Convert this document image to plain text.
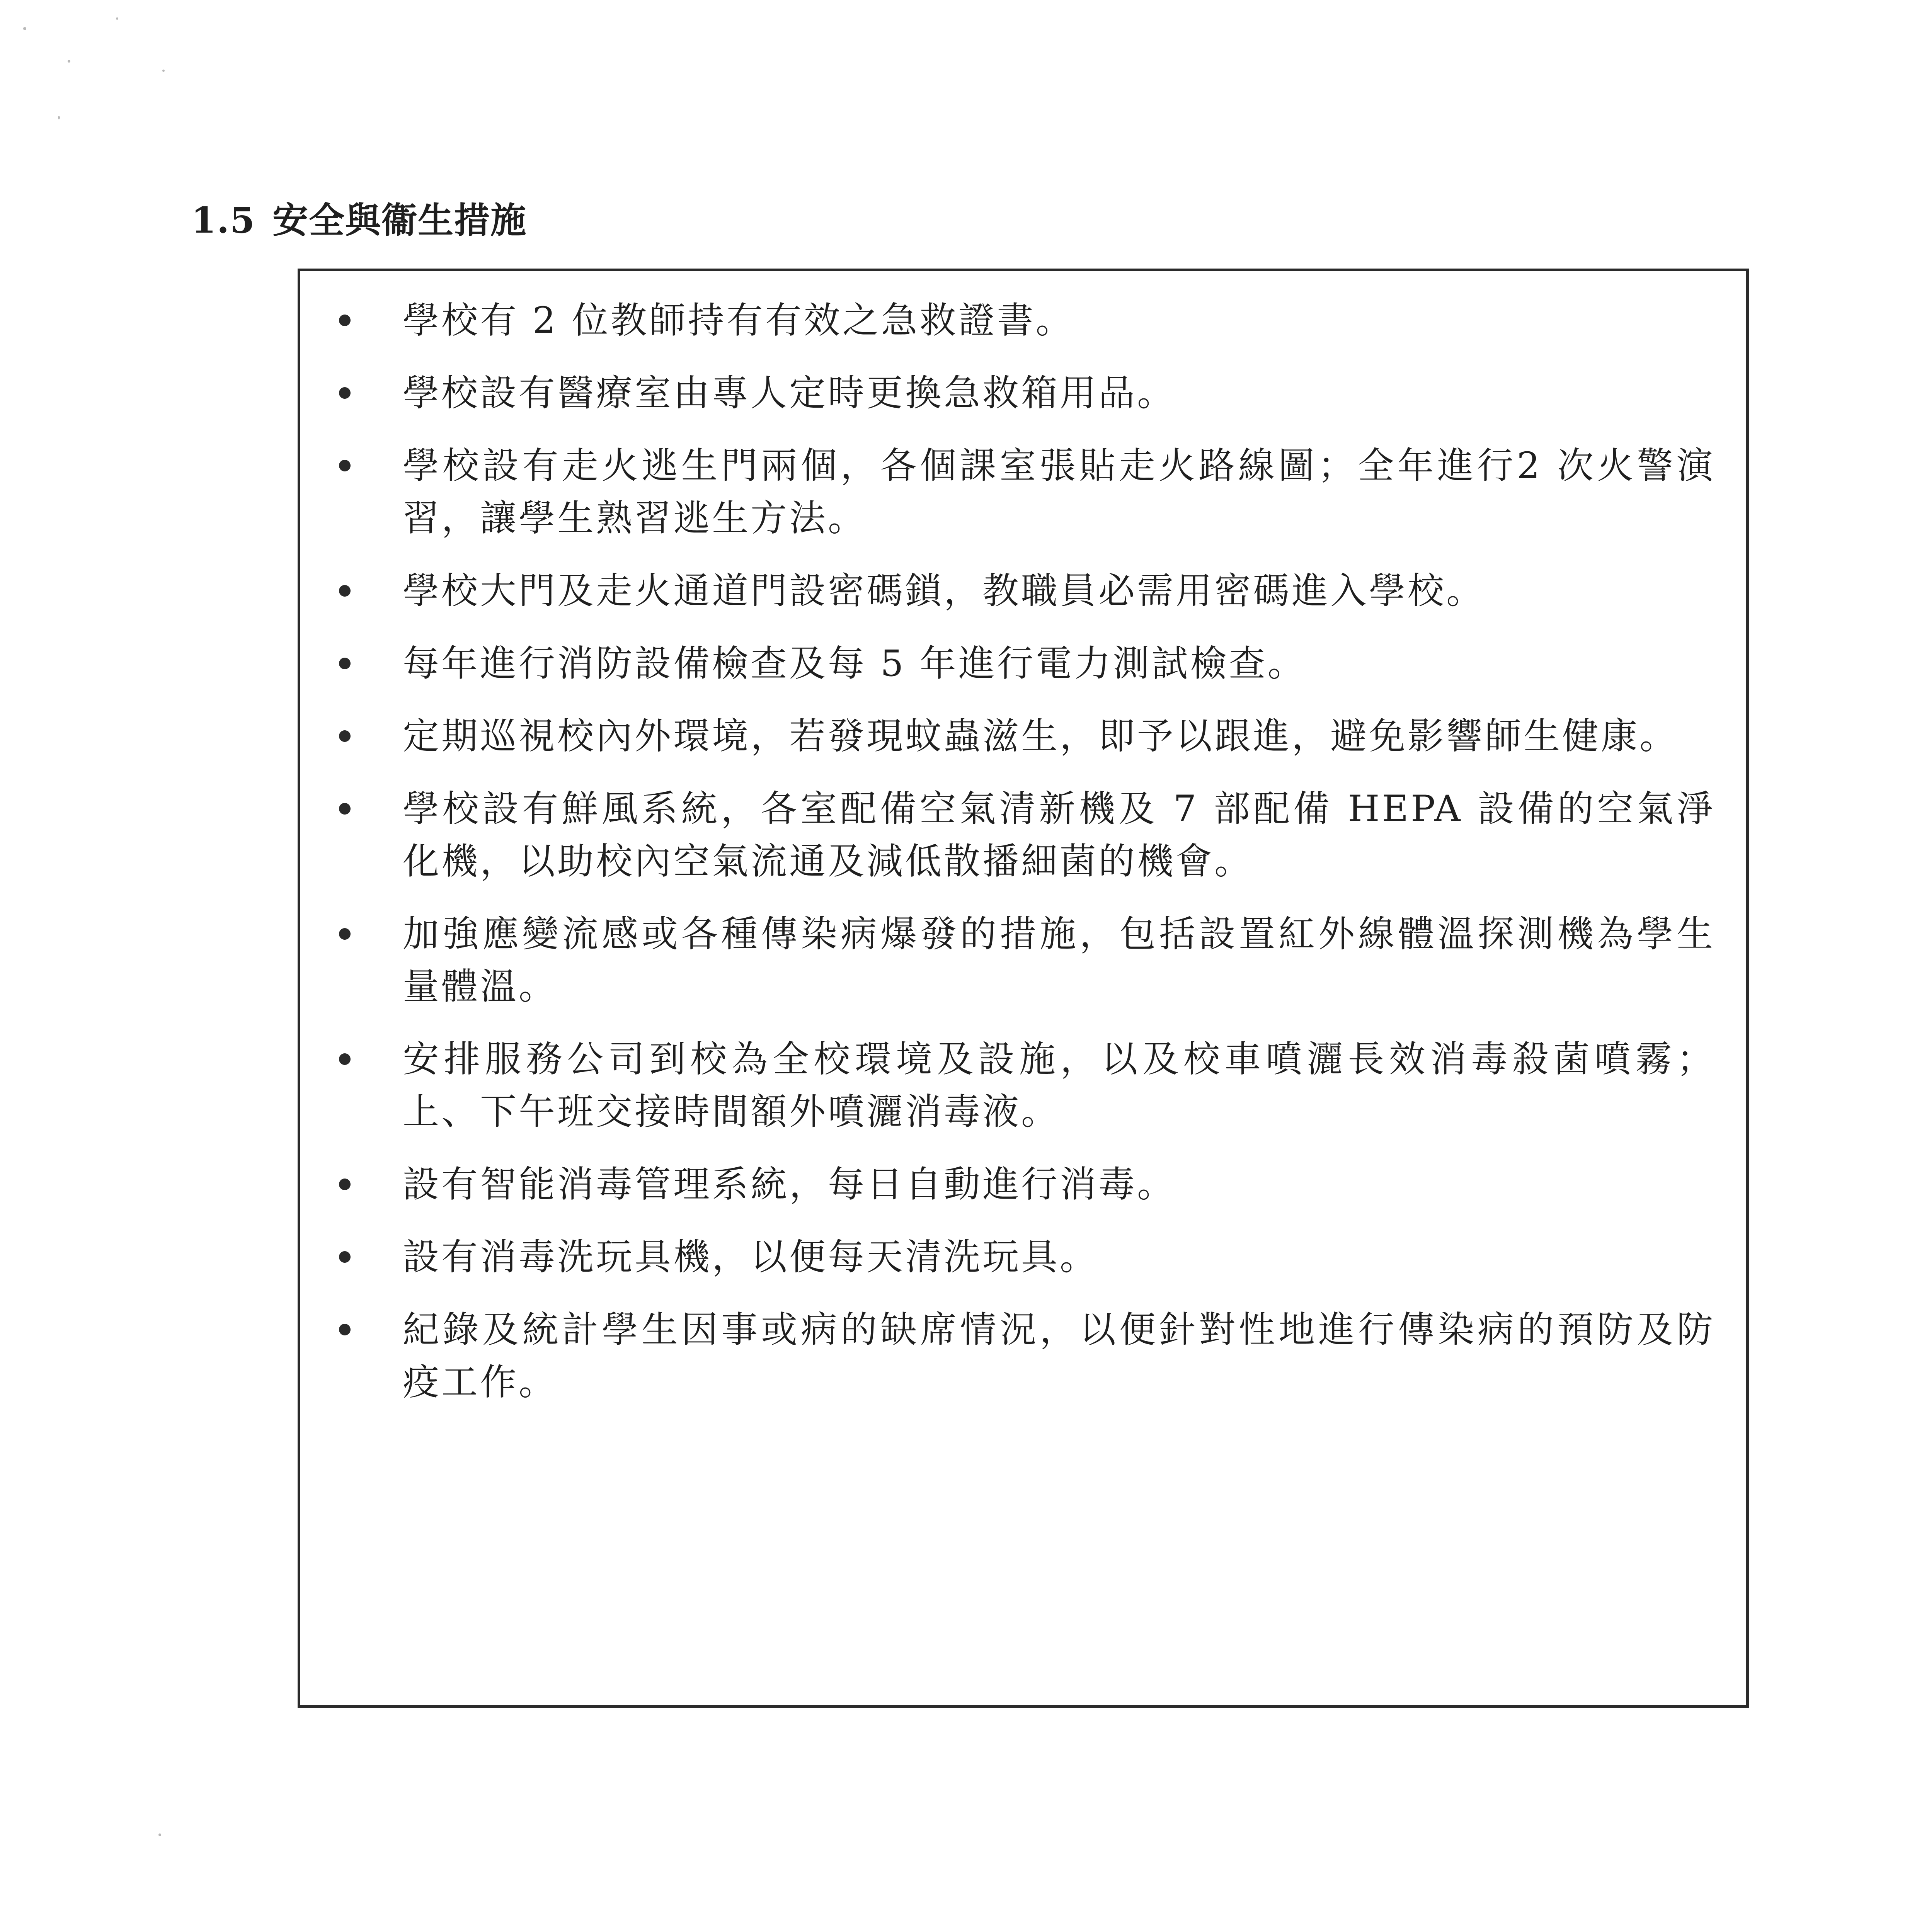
1.5 安全與衞生措施
學校有 2 位教師持有有效之急救證書。
學校設有醫療室由專人定時更換急救箱用品。
學校設有走火逃生門兩個，各個課室張貼走火路線圖；全年進行2 次火警演習，讓學生熟習逃生方法。
學校大門及走火通道門設密碼鎖，教職員必需用密碼進入學校。
每年進行消防設備檢查及每 5 年進行電力測試檢查。
定期巡視校內外環境，若發現蚊蟲滋生，即予以跟進，避免影響師生健康。
學校設有鮮風系統，各室配備空氣清新機及 7 部配備 HEPA 設備的空氣淨化機，以助校內空氣流通及減低散播細菌的機會。
加強應變流感或各種傳染病爆發的措施，包括設置紅外線體溫探測機為學生量體溫。
安排服務公司到校為全校環境及設施，以及校車噴灑長效消毒殺菌噴霧；上、下午班交接時間額外噴灑消毒液。
設有智能消毒管理系統，每日自動進行消毒。
設有消毒洗玩具機，以便每天清洗玩具。
紀錄及統計學生因事或病的缺席情況，以便針對性地進行傳染病的預防及防疫工作。
